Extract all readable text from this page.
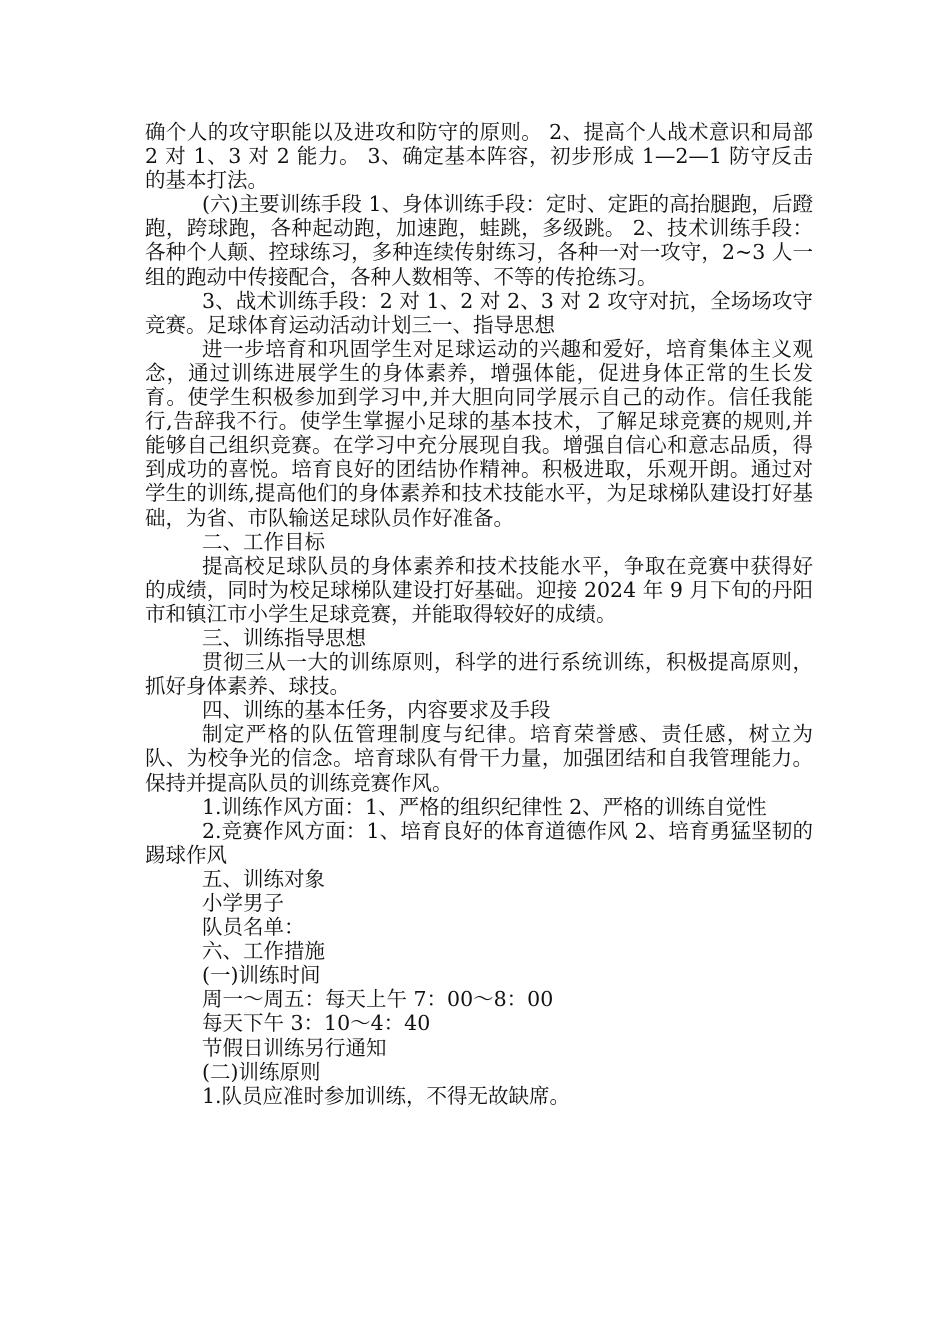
确个人的攻守职能以及进攻和防守的原则。 2、提高个人战术意识和局部 2 对 1、3 对 2 能力。 3、确定基本阵容，初步形成 1—2—1 防守反击的基本打法。

(六)主要训练手段 1、身体训练手段：定时、定距的高抬腿跑，后蹬跑，跨球跑，各种起动跑，加速跑，蛙跳，多级跳。 2、技术训练手段：各种个人颠、控球练习，多种连续传射练习，各种一对一攻守，2~3 人一组的跑动中传接配合，各种人数相等、不等的传抢练习。

3、战术训练手段：2 对 1、2 对 2、3 对 2 攻守对抗，全场场攻守竞赛。足球体育运动活动计划三一、指导思想

进一步培育和巩固学生对足球运动的兴趣和爱好，培育集体主义观念，通过训练进展学生的身体素养，增强体能，促进身体正常的生长发育。使学生积极参加到学习中,并大胆向同学展示自己的动作。信任我能行,告辞我不行。使学生掌握小足球的基本技术，了解足球竞赛的规则,并能够自己组织竞赛。在学习中充分展现自我。增强自信心和意志品质，得到成功的喜悦。培育良好的团结协作精神。积极进取，乐观开朗。通过对学生的训练,提高他们的身体素养和技术技能水平，为足球梯队建设打好基础，为省、市队输送足球队员作好准备。

二、工作目标

提高校足球队员的身体素养和技术技能水平，争取在竞赛中获得好的成绩，同时为校足球梯队建设打好基础。迎接 2024 年 9 月下旬的丹阳市和镇江市小学生足球竞赛，并能取得较好的成绩。

三、训练指导思想

贯彻三从一大的训练原则，科学的进行系统训练，积极提高原则，抓好身体素养、球技。

四、训练的基本任务，内容要求及手段

制定严格的队伍管理制度与纪律。培育荣誉感、责任感，树立为队、为校争光的信念。培育球队有骨干力量，加强团结和自我管理能力。保持并提高队员的训练竞赛作风。

1.训练作风方面：1、严格的组织纪律性 2、严格的训练自觉性

2.竞赛作风方面：1、培育良好的体育道德作风 2、培育勇猛坚韧的踢球作风

五、训练对象

小学男子

队员名单：

六、工作措施

(一)训练时间

周一～周五：每天上午 7：00～8：00

每天下午 3：10～4：40

节假日训练另行通知

(二)训练原则

1.队员应准时参加训练，不得无故缺席。
